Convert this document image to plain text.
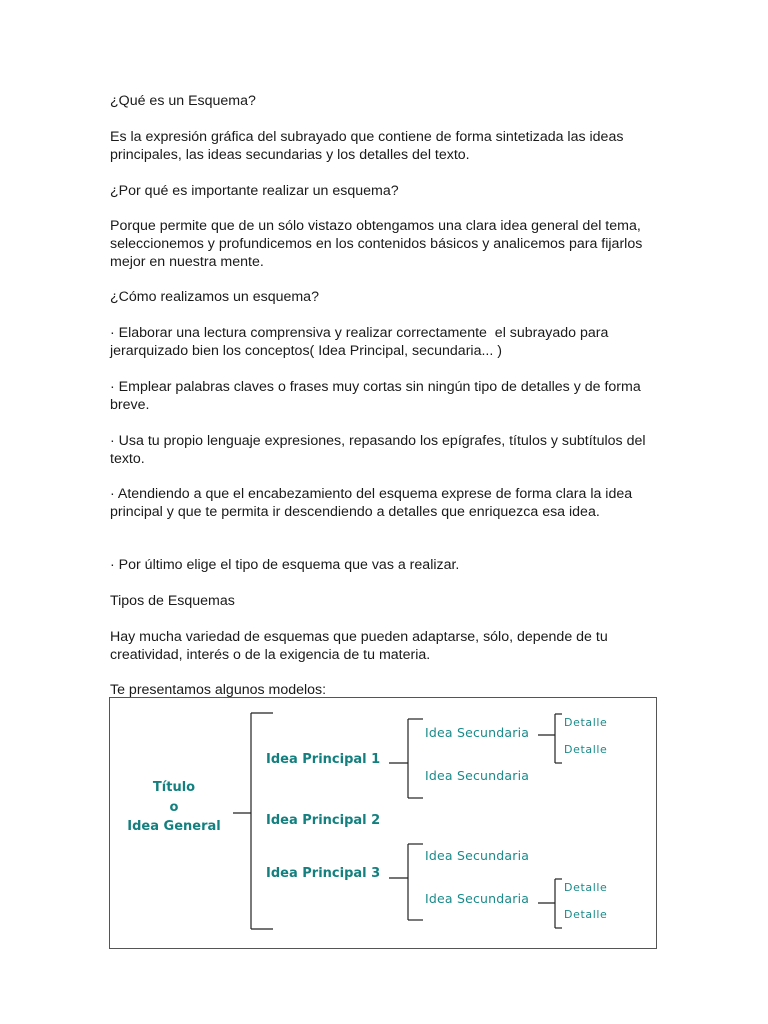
¿Qué es un Esquema?

Es la expresión gráfica del subrayado que contiene de forma sintetizada las ideas principales, las ideas secundarias y los detalles del texto.

¿Por qué es importante realizar un esquema?

Porque permite que de un sólo vistazo obtengamos una clara idea general del tema, seleccionemos y profundicemos en los contenidos básicos y analicemos para fijarlos mejor en nuestra mente.

¿Cómo realizamos un esquema?

· Elaborar una lectura comprensiva y realizar correctamente  el subrayado para jerarquizado bien los conceptos( Idea Principal, secundaria... )

· Emplear palabras claves o frases muy cortas sin ningún tipo de detalles y de forma breve.

· Usa tu propio lenguaje expresiones, repasando los epígrafes, títulos y subtítulos del texto.

· Atendiendo a que el encabezamiento del esquema exprese de forma clara la idea principal y que te permita ir descendiendo a detalles que enriquezca esa idea.

· Por último elige el tipo de esquema que vas a realizar.

Tipos de Esquemas

Hay mucha variedad de esquemas que pueden adaptarse, sólo, depende de tu creatividad, interés o de la exigencia de tu materia.

Te presentamos algunos modelos:

Título
o
Idea General
Idea Principal 1
Idea Principal 2
Idea Principal 3
Idea Secundaria
Idea Secundaria
Idea Secundaria
Idea Secundaria
Detalle
Detalle
Detalle
Detalle
